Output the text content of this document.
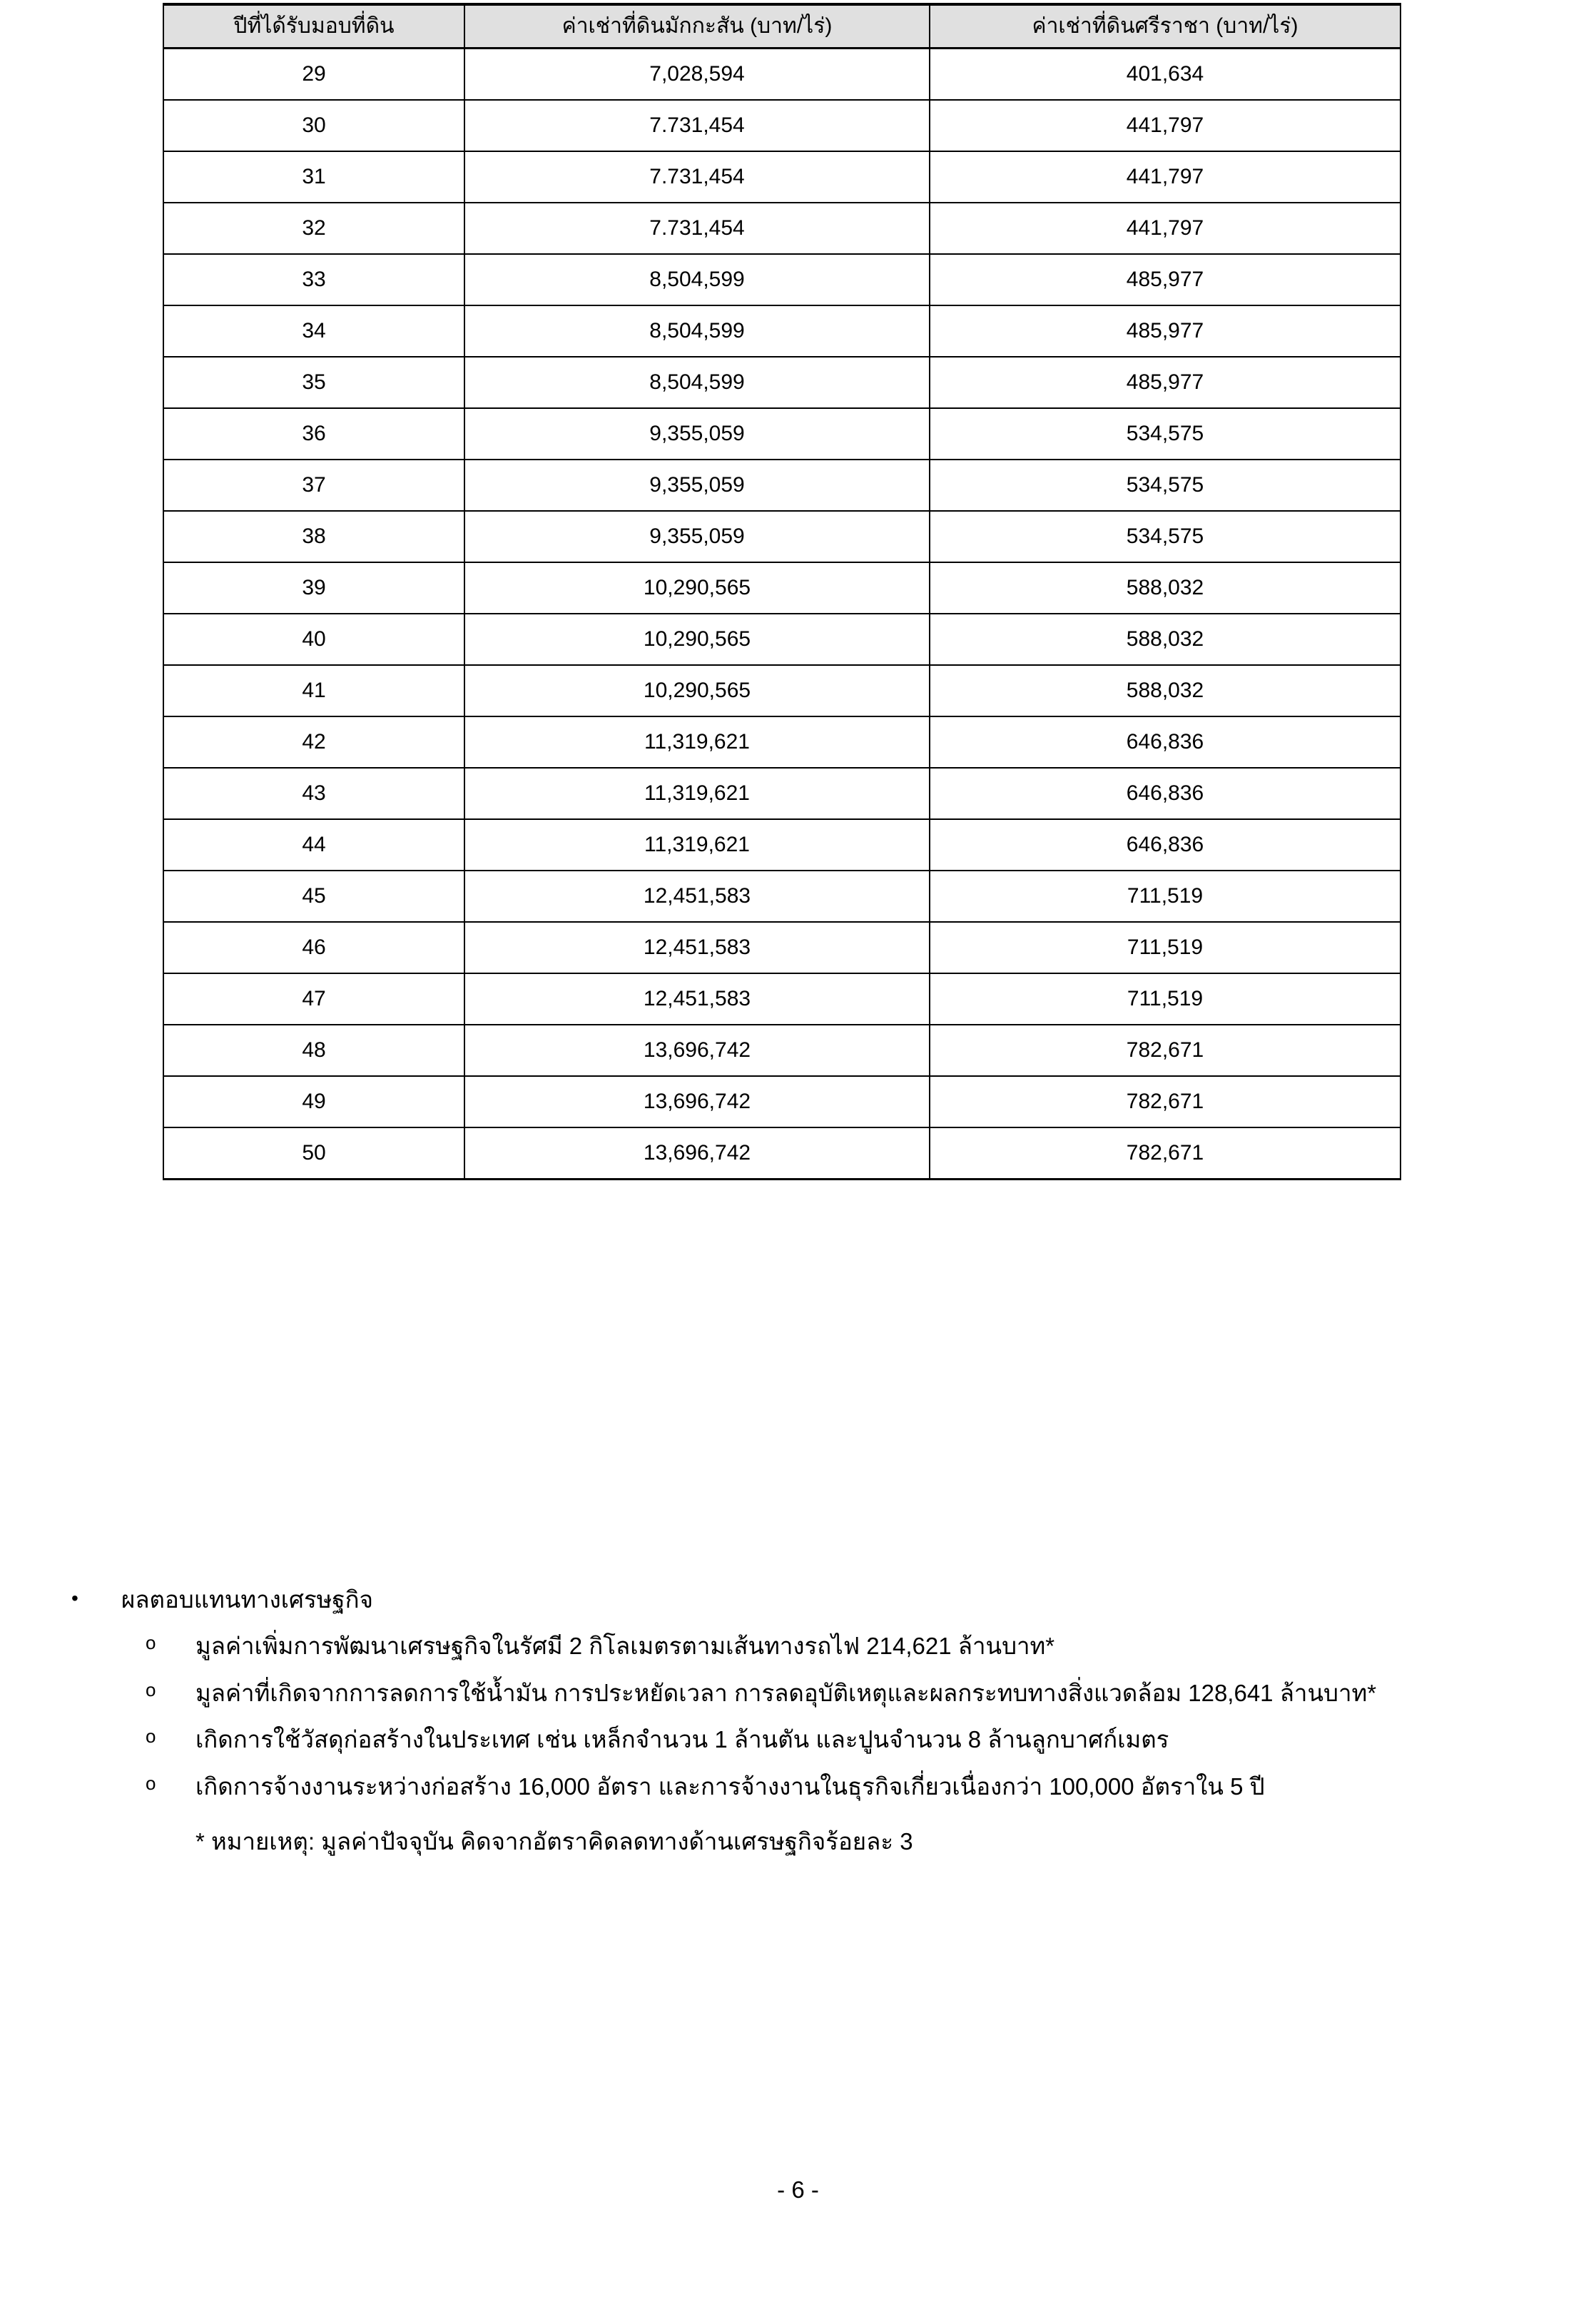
ปีที่ได้รับมอบที่ดิน	ค่าเช่าที่ดินมักกะสัน (บาท/ไร่)	ค่าเช่าที่ดินศรีราชา (บาท/ไร่)

29	7,028,594	401,634

30	7.731,454	441,797

31	7.731,454	441,797

32	7.731,454	441,797

33	8,504,599	485,977

34	8,504,599	485,977

35	8,504,599	485,977

36	9,355,059	534,575

37	9,355,059	534,575

38	9,355,059	534,575

39	10,290,565	588,032

40	10,290,565	588,032

41	10,290,565	588,032

42	11,319,621	646,836

43	11,319,621	646,836

44	11,319,621	646,836

45	12,451,583	711,519

46	12,451,583	711,519

47	12,451,583	711,519

48	13,696,742	782,671

49	13,696,742	782,671

50	13,696,742	782,671
• ผลตอบแทนทางเศรษฐกิจ
o มูลค่าเพิ่มการพัฒนาเศรษฐกิจในรัศมี 2 กิโลเมตรตามเส้นทางรถไฟ 214,621 ล้านบาท*
o มูลค่าที่เกิดจากการลดการใช้น้ำมัน การประหยัดเวลา การลดอุบัติเหตุและผลกระทบทางสิ่งแวดล้อม 128,641 ล้านบาท*
o เกิดการใช้วัสดุก่อสร้างในประเทศ เช่น เหล็กจำนวน 1 ล้านตัน และปูนจำนวน 8 ล้านลูกบาศก์เมตร
o เกิดการจ้างงานระหว่างก่อสร้าง 16,000 อัตรา และการจ้างงานในธุรกิจเกี่ยวเนื่องกว่า 100,000 อัตราใน 5 ปี
* หมายเหตุ: มูลค่าปัจจุบัน คิดจากอัตราคิดลดทางด้านเศรษฐกิจร้อยละ 3
- 6 -
